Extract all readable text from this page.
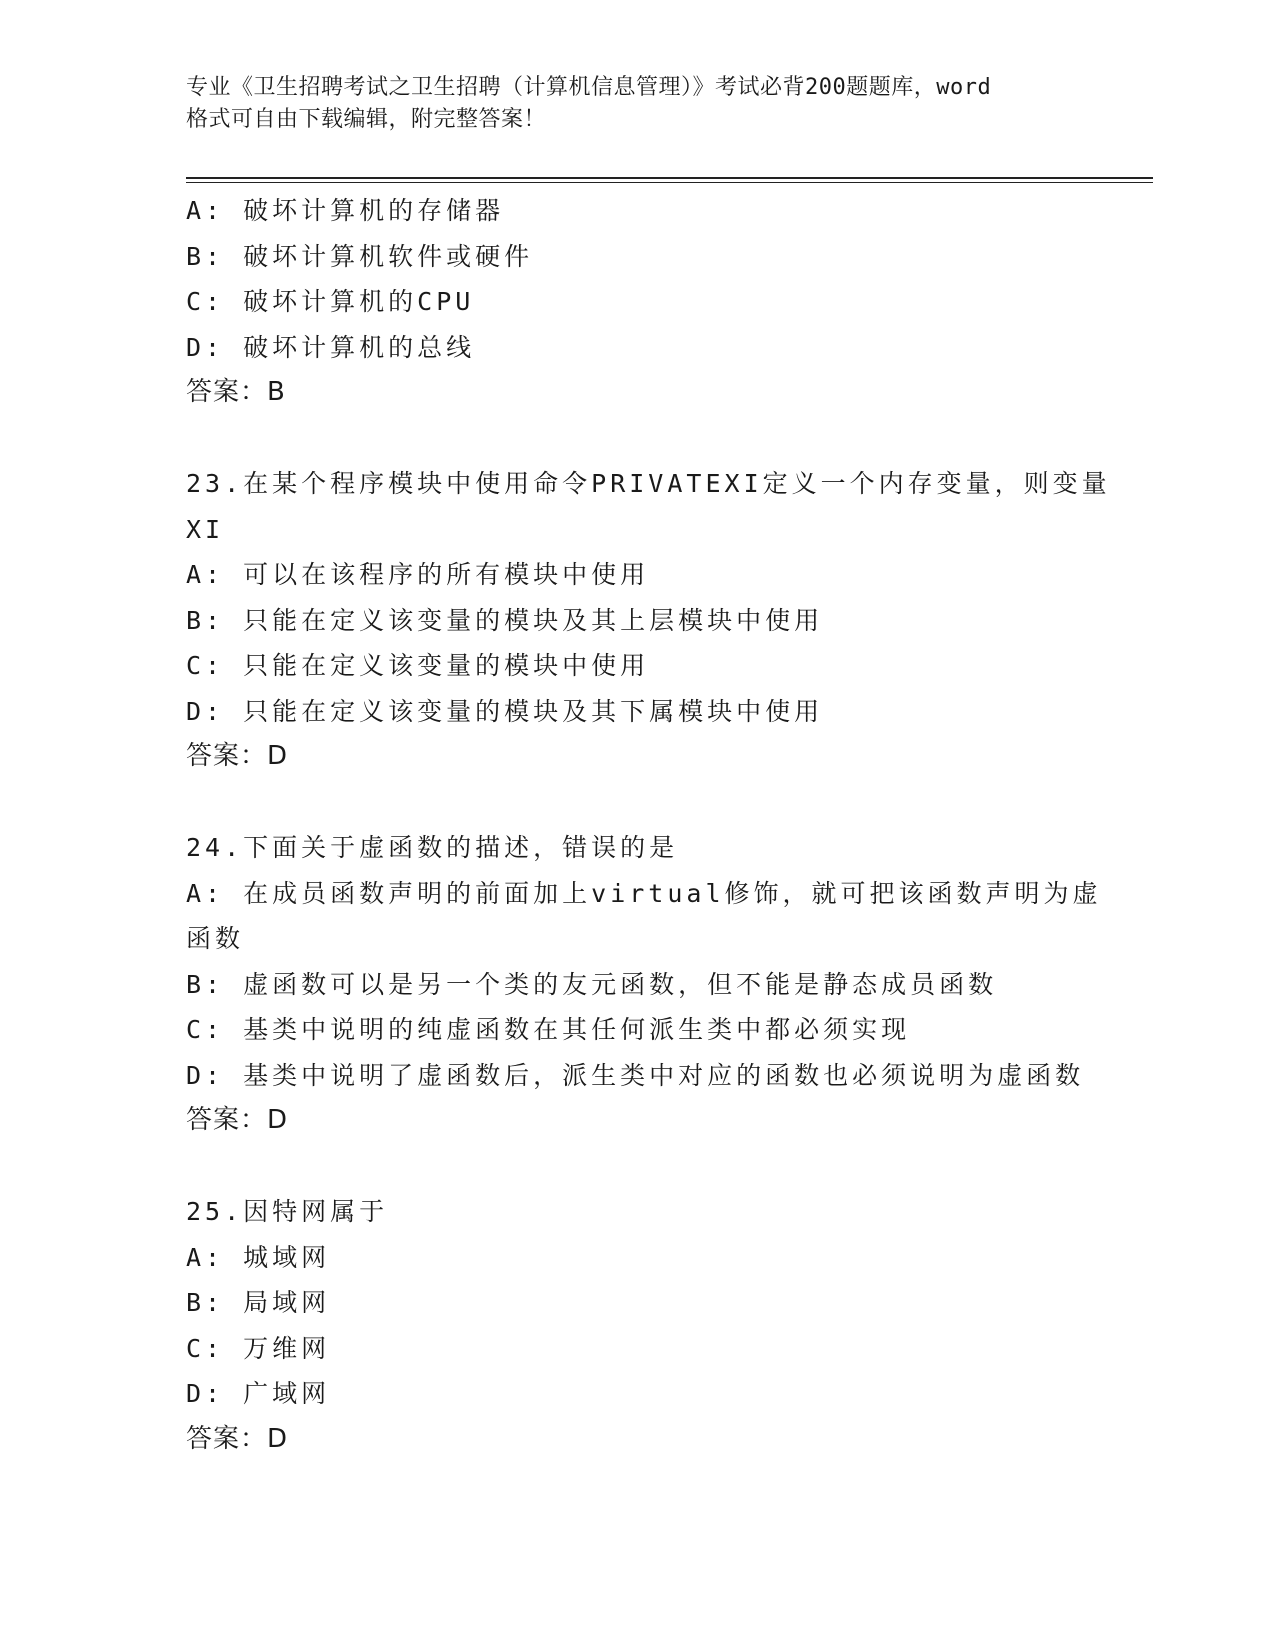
专业《卫生招聘考试之卫生招聘（计算机信息管理）》考试必背200题题库，word
格式可自由下载编辑，附完整答案！
A: 破坏计算机的存储器
B: 破坏计算机软件或硬件
C: 破坏计算机的CPU
D: 破坏计算机的总线
答案：B
23.在某个程序模块中使用命令PRIVATEXI定义一个内存变量，则变量
XI
A: 可以在该程序的所有模块中使用
B: 只能在定义该变量的模块及其上层模块中使用
C: 只能在定义该变量的模块中使用
D: 只能在定义该变量的模块及其下属模块中使用
答案：D
24.下面关于虚函数的描述，错误的是
A: 在成员函数声明的前面加上virtual修饰，就可把该函数声明为虚
函数
B: 虚函数可以是另一个类的友元函数，但不能是静态成员函数
C: 基类中说明的纯虚函数在其任何派生类中都必须实现
D: 基类中说明了虚函数后，派生类中对应的函数也必须说明为虚函数
答案：D
25.因特网属于
A: 城域网
B: 局域网
C: 万维网
D: 广域网
答案：D
